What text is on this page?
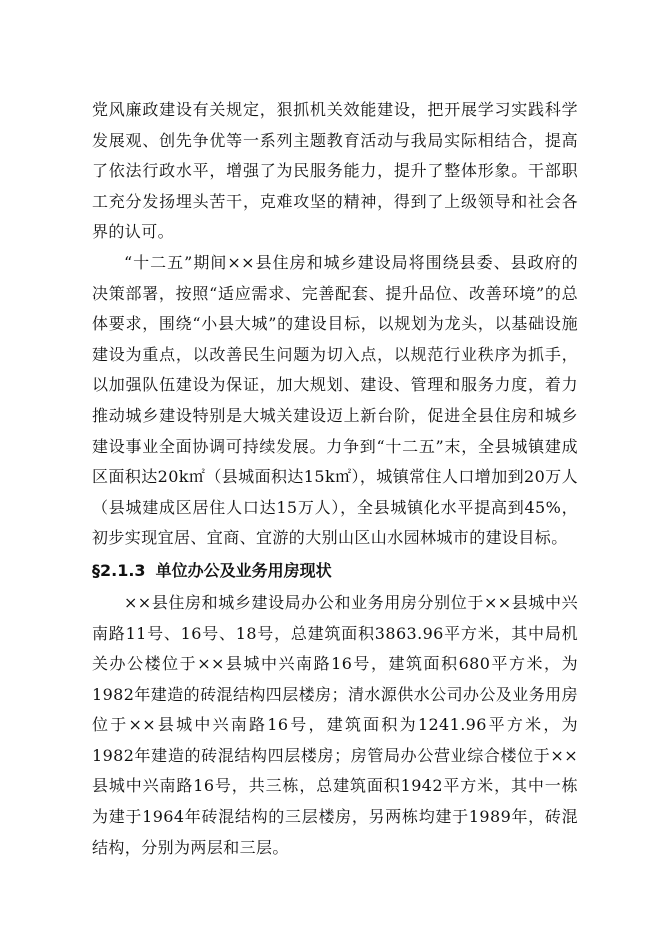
党风廉政建设有关规定，狠抓机关效能建设，把开展学习实践科学发展观、创先争优等一系列主题教育活动与我局实际相结合，提高了依法行政水平，增强了为民服务能力，提升了整体形象。干部职工充分发扬埋头苦干，克难攻坚的精神，得到了上级领导和社会各界的认可。

“十二五”期间××县住房和城乡建设局将围绕县委、县政府的决策部署，按照“适应需求、完善配套、提升品位、改善环境”的总体要求，围绕“小县大城”的建设目标，以规划为龙头，以基础设施建设为重点，以改善民生问题为切入点，以规范行业秩序为抓手，以加强队伍建设为保证，加大规划、建设、管理和服务力度，着力推动城乡建设特别是大城关建设迈上新台阶，促进全县住房和城乡建设事业全面协调可持续发展。力争到“十二五”末，全县城镇建成区面积达20k㎡（县城面积达15k㎡），城镇常住人口增加到20万人（县城建成区居住人口达15万人），全县城镇化水平提高到45%，初步实现宜居、宜商、宜游的大别山区山水园林城市的建设目标。

§2.1.3 单位办公及业务用房现状

××县住房和城乡建设局办公和业务用房分别位于××县城中兴南路11号、16号、18号，总建筑面积3863.96平方米，其中局机关办公楼位于××县城中兴南路16号，建筑面积680平方米，为1982年建造的砖混结构四层楼房；清水源供水公司办公及业务用房位于××县城中兴南路16号，建筑面积为1241.96平方米，为1982年建造的砖混结构四层楼房；房管局办公营业综合楼位于××县城中兴南路16号，共三栋，总建筑面积1942平方米，其中一栋为建于1964年砖混结构的三层楼房，另两栋均建于1989年，砖混结构，分别为两层和三层。
